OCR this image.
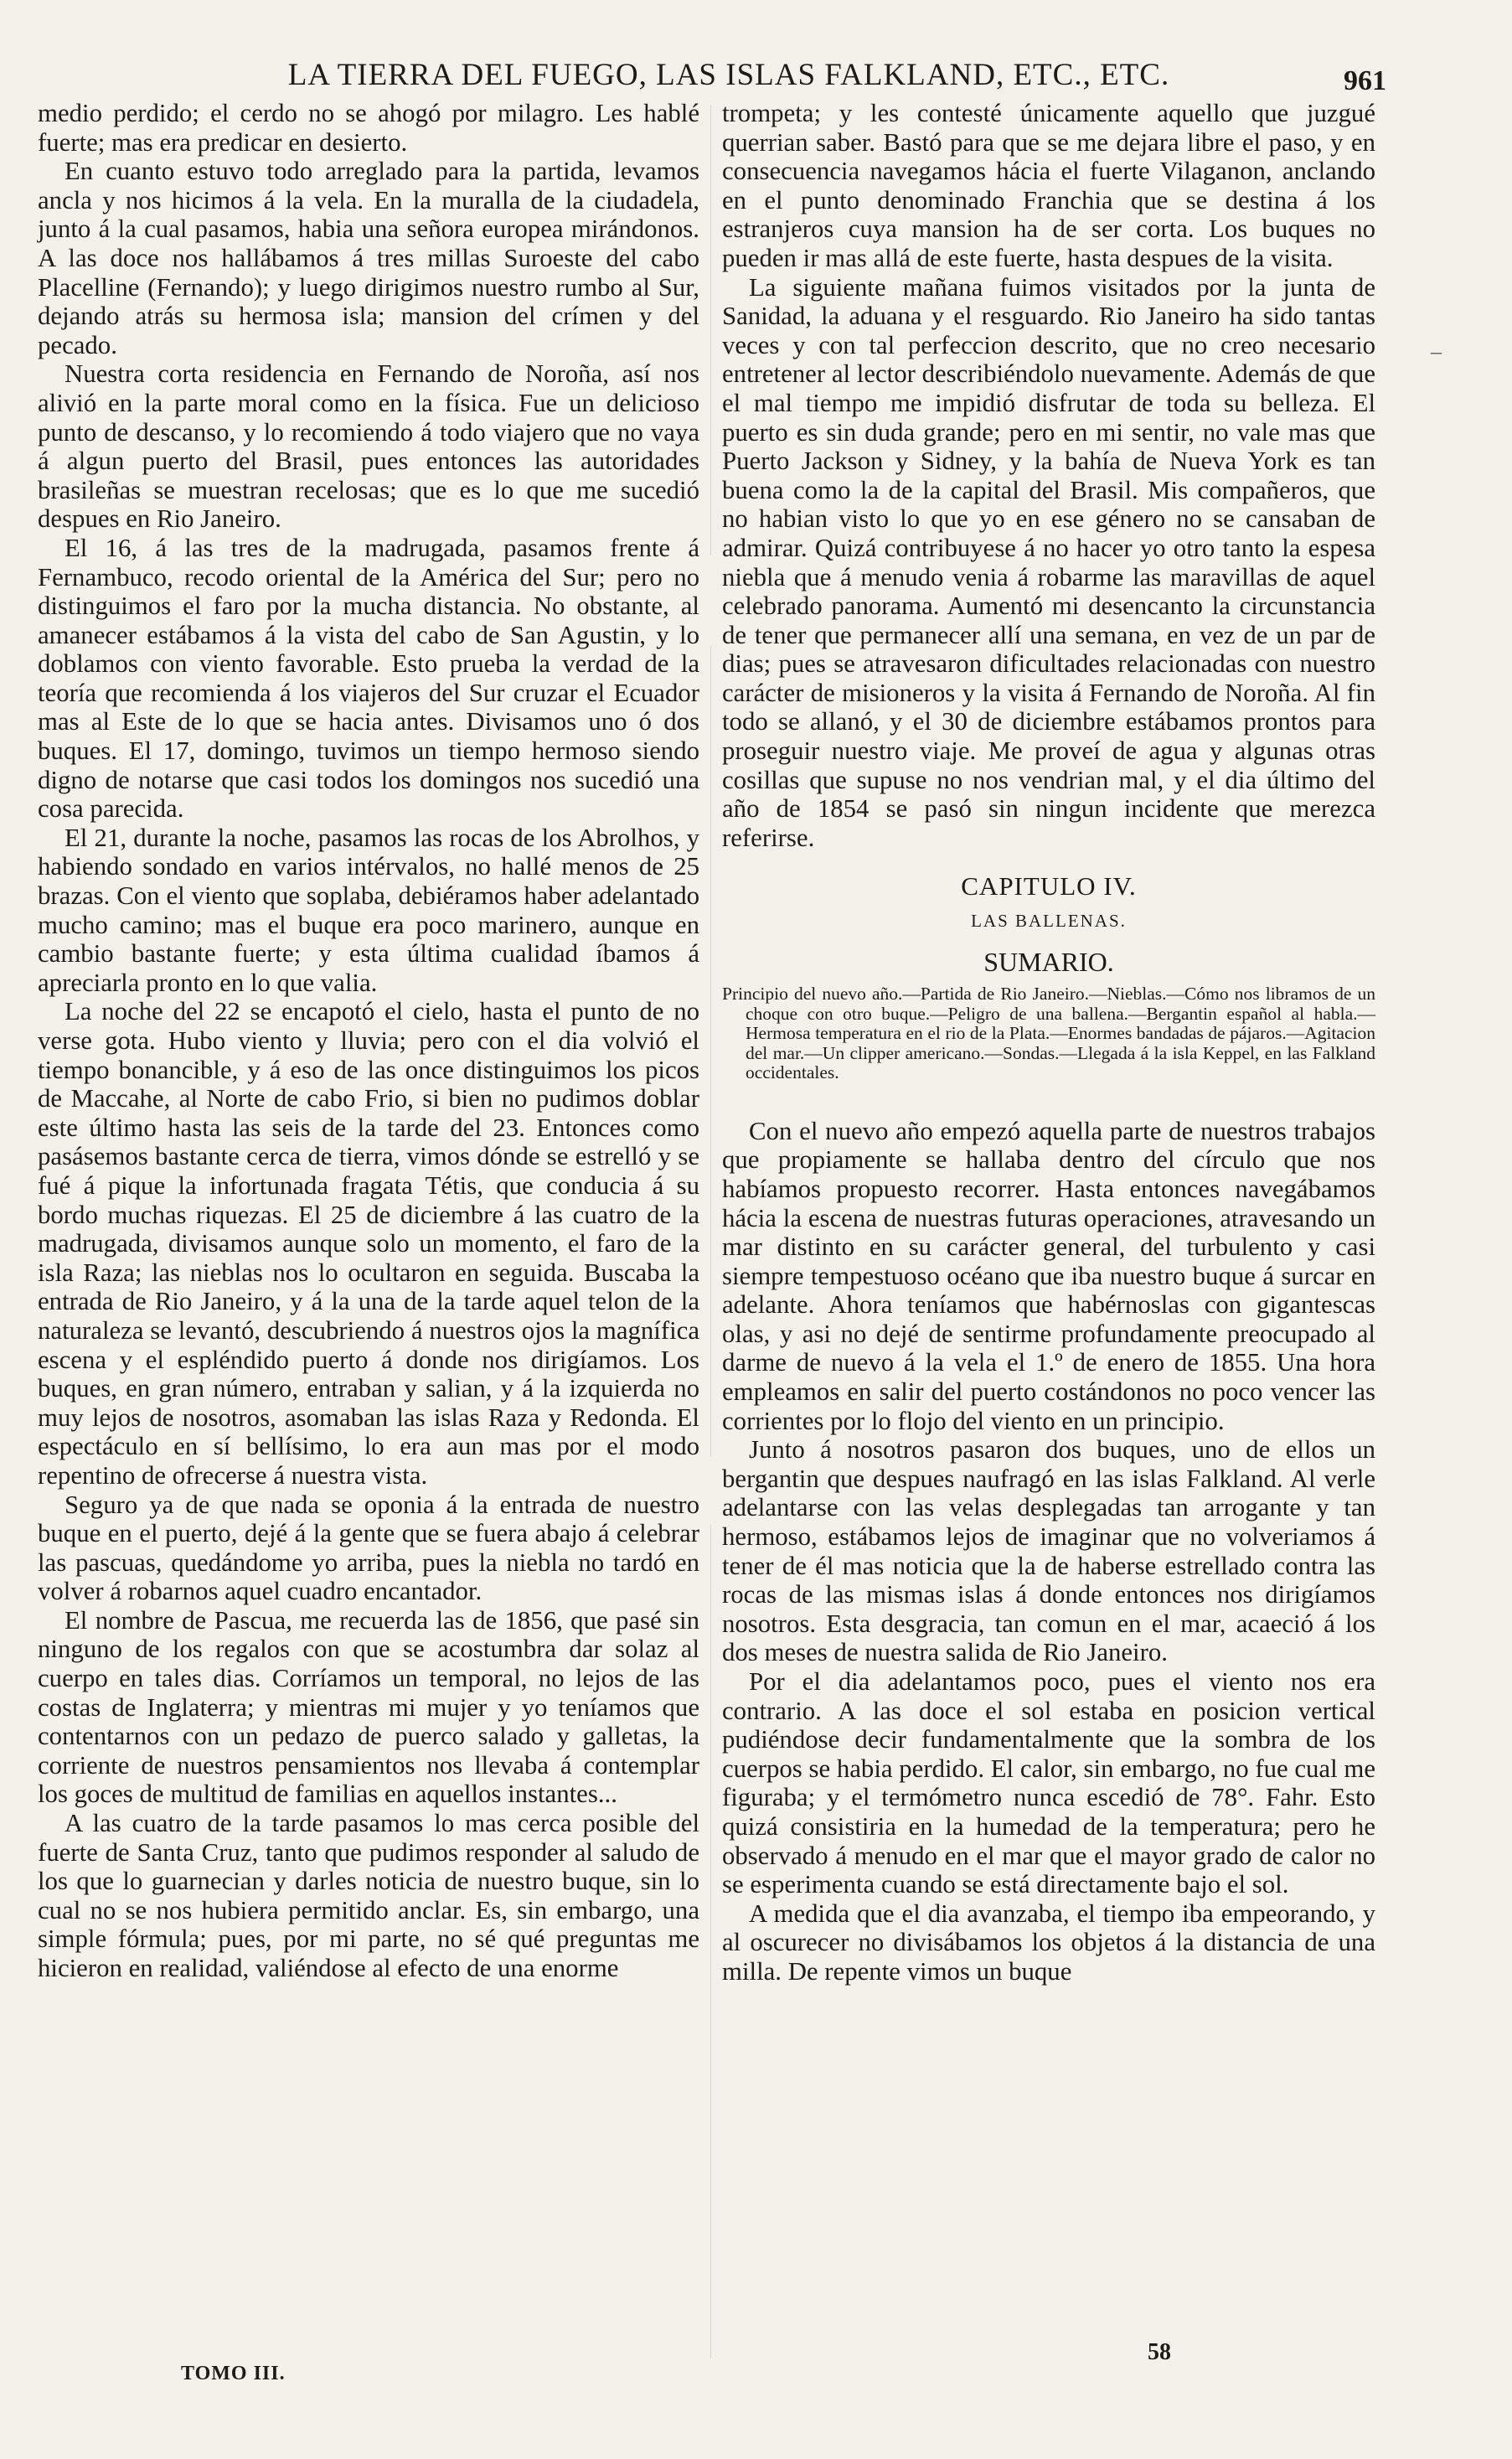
LA TIERRA DEL FUEGO, LAS ISLAS FALKLAND, ETC., ETC.	961

medio perdido; el cerdo no se ahogó por milagro. Les hablé fuerte; mas era predicar en desierto.

En cuanto estuvo todo arreglado para la partida, levamos ancla y nos hicimos á la vela. En la muralla de la ciudadela, junto á la cual pasamos, habia una señora europea mirándonos. A las doce nos hallábamos á tres millas Suroeste del cabo Placelline (Fernando); y luego dirigimos nuestro rumbo al Sur, dejando atrás su hermosa isla; mansion del crímen y del pecado.

Nuestra corta residencia en Fernando de Noroña, así nos alivió en la parte moral como en la física. Fue un delicioso punto de descanso, y lo recomiendo á todo viajero que no vaya á algun puerto del Brasil, pues entonces las autoridades brasileñas se muestran recelosas; que es lo que me sucedió despues en Rio Janeiro.

El 16, á las tres de la madrugada, pasamos frente á Fernambuco, recodo oriental de la América del Sur; pero no distinguimos el faro por la mucha distancia. No obstante, al amanecer estábamos á la vista del cabo de San Agustin, y lo doblamos con viento favorable. Esto prueba la verdad de la teoría que recomienda á los viajeros del Sur cruzar el Ecuador mas al Este de lo que se hacia antes. Divisamos uno ó dos buques. El 17, domingo, tuvimos un tiempo hermoso siendo digno de notarse que casi todos los domingos nos sucedió una cosa parecida.

El 21, durante la noche, pasamos las rocas de los Abrolhos, y habiendo sondado en varios intérvalos, no hallé menos de 25 brazas. Con el viento que soplaba, debiéramos haber adelantado mucho camino; mas el buque era poco marinero, aunque en cambio bastante fuerte; y esta última cualidad íbamos á apreciarla pronto en lo que valia.

La noche del 22 se encapotó el cielo, hasta el punto de no verse gota. Hubo viento y lluvia; pero con el dia volvió el tiempo bonancible, y á eso de las once distinguimos los picos de Maccahe, al Norte de cabo Frio, si bien no pudimos doblar este último hasta las seis de la tarde del 23. Entonces como pasásemos bastante cerca de tierra, vimos dónde se estrelló y se fué á pique la infortunada fragata Tétis, que conducia á su bordo muchas riquezas. El 25 de diciembre á las cuatro de la madrugada, divisamos aunque solo un momento, el faro de la isla Raza; las nieblas nos lo ocultaron en seguida. Buscaba la entrada de Rio Janeiro, y á la una de la tarde aquel telon de la naturaleza se levantó, descubriendo á nuestros ojos la magnífica escena y el espléndido puerto á donde nos dirigíamos. Los buques, en gran número, entraban y salian, y á la izquierda no muy lejos de nosotros, asomaban las islas Raza y Redonda. El espectáculo en sí bellísimo, lo era aun mas por el modo repentino de ofrecerse á nuestra vista.

Seguro ya de que nada se oponia á la entrada de nuestro buque en el puerto, dejé á la gente que se fuera abajo á celebrar las pascuas, quedándome yo arriba, pues la niebla no tardó en volver á robarnos aquel cuadro encantador.

El nombre de Pascua, me recuerda las de 1856, que pasé sin ninguno de los regalos con que se acostumbra dar solaz al cuerpo en tales dias. Corríamos un temporal, no lejos de las costas de Inglaterra; y mientras mi mujer y yo teníamos que contentarnos con un pedazo de puerco salado y galletas, la corriente de nuestros pensamientos nos llevaba á contemplar los goces de multitud de familias en aquellos instantes...

A las cuatro de la tarde pasamos lo mas cerca posible del fuerte de Santa Cruz, tanto que pudimos responder al saludo de los que lo guarnecian y darles noticia de nuestro buque, sin lo cual no se nos hubiera permitido anclar. Es, sin embargo, una simple fórmula; pues, por mi parte, no sé qué preguntas me hicieron en realidad, valiéndose al efecto de una enorme

trompeta; y les contesté únicamente aquello que juzgué querrian saber. Bastó para que se me dejara libre el paso, y en consecuencia navegamos hácia el fuerte Vilaganon, anclando en el punto denominado Franchia que se destina á los estranjeros cuya mansion ha de ser corta. Los buques no pueden ir mas allá de este fuerte, hasta despues de la visita.

La siguiente mañana fuimos visitados por la junta de Sanidad, la aduana y el resguardo. Rio Janeiro ha sido tantas veces y con tal perfeccion descrito, que no creo necesario entretener al lector describiéndolo nuevamente. Además de que el mal tiempo me impidió disfrutar de toda su belleza. El puerto es sin duda grande; pero en mi sentir, no vale mas que Puerto Jackson y Sidney, y la bahía de Nueva York es tan buena como la de la capital del Brasil. Mis compañeros, que no habian visto lo que yo en ese género no se cansaban de admirar. Quizá contribuyese á no hacer yo otro tanto la espesa niebla que á menudo venia á robarme las maravillas de aquel celebrado panorama. Aumentó mi desencanto la circunstancia de tener que permanecer allí una semana, en vez de un par de dias; pues se atravesaron dificultades relacionadas con nuestro carácter de misioneros y la visita á Fernando de Noroña. Al fin todo se allanó, y el 30 de diciembre estábamos prontos para proseguir nuestro viaje. Me proveí de agua y algunas otras cosillas que supuse no nos vendrian mal, y el dia último del año de 1854 se pasó sin ningun incidente que merezca referirse.

CAPITULO IV.
LAS BALLENAS.
SUMARIO.
Principio del nuevo año.—Partida de Rio Janeiro.—Nieblas.—Cómo nos libramos de un choque con otro buque.—Peligro de una ballena.—Bergantin español al habla.—Hermosa temperatura en el rio de la Plata.—Enormes bandadas de pájaros.—Agitacion del mar.—Un clipper americano.—Sondas.—Llegada á la isla Keppel, en las Falkland occidentales.

Con el nuevo año empezó aquella parte de nuestros trabajos que propiamente se hallaba dentro del círculo que nos habíamos propuesto recorrer. Hasta entonces navegábamos hácia la escena de nuestras futuras operaciones, atravesando un mar distinto en su carácter general, del turbulento y casi siempre tempestuoso océano que iba nuestro buque á surcar en adelante. Ahora teníamos que habérnoslas con gigantescas olas, y asi no dejé de sentirme profundamente preocupado al darme de nuevo á la vela el 1.º de enero de 1855. Una hora empleamos en salir del puerto costándonos no poco vencer las corrientes por lo flojo del viento en un principio.

Junto á nosotros pasaron dos buques, uno de ellos un bergantin que despues naufragó en las islas Falkland. Al verle adelantarse con las velas desplegadas tan arrogante y tan hermoso, estábamos lejos de imaginar que no volveriamos á tener de él mas noticia que la de haberse estrellado contra las rocas de las mismas islas á donde entonces nos dirigíamos nosotros. Esta desgracia, tan comun en el mar, acaeció á los dos meses de nuestra salida de Rio Janeiro.

Por el dia adelantamos poco, pues el viento nos era contrario. A las doce el sol estaba en posicion vertical pudiéndose decir fundamentalmente que la sombra de los cuerpos se habia perdido. El calor, sin embargo, no fue cual me figuraba; y el termómetro nunca escedió de 78°. Fahr. Esto quizá consistiria en la humedad de la temperatura; pero he observado á menudo en el mar que el mayor grado de calor no se esperimenta cuando se está directamente bajo el sol.

A medida que el dia avanzaba, el tiempo iba empeorando, y al oscurecer no divisábamos los objetos á la distancia de una milla. De repente vimos un buque

–
TOMO III.
58
